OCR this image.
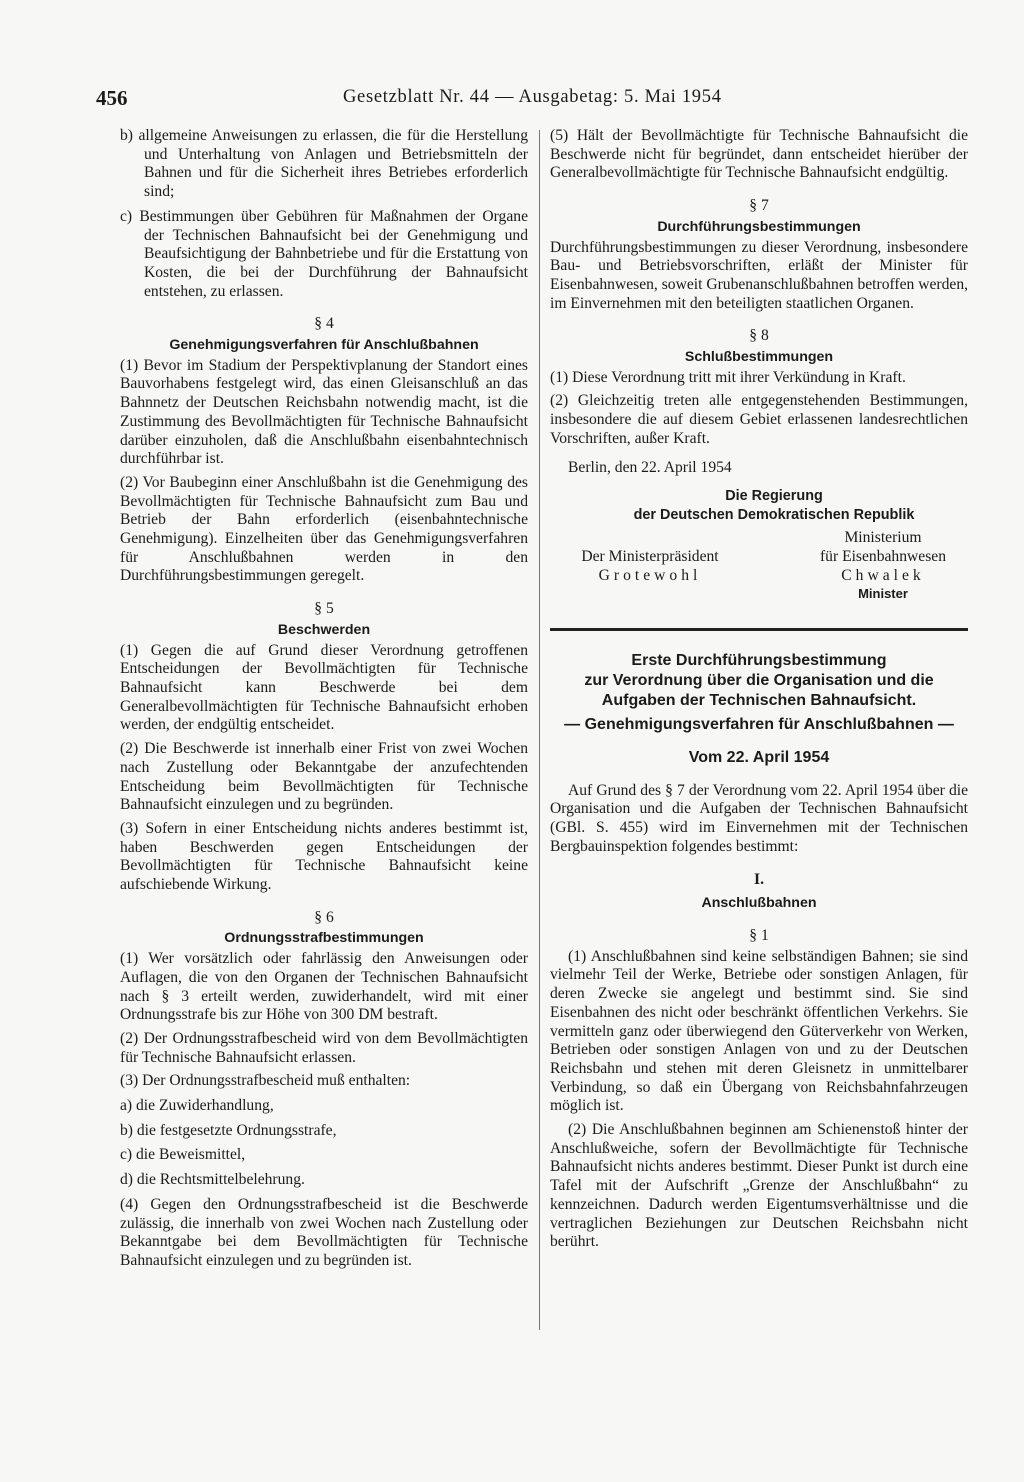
456	Gesetzblatt Nr. 44 — Ausgabetag: 5. Mai 1954

b) allgemeine Anweisungen zu erlassen, die für die Herstellung und Unterhaltung von Anlagen und Betriebsmitteln der Bahnen und für die Sicherheit ihres Betriebes erforderlich sind;

c) Bestimmungen über Gebühren für Maßnahmen der Organe der Technischen Bahnaufsicht bei der Genehmigung und Beaufsichtigung der Bahnbetriebe und für die Erstattung von Kosten, die bei der Durchführung der Bahnaufsicht entstehen, zu erlassen.

§ 4

Genehmigungsverfahren für Anschlußbahnen

(1) Bevor im Stadium der Perspektivplanung der Standort eines Bauvorhabens festgelegt wird, das einen Gleisanschluß an das Bahnnetz der Deutschen Reichsbahn notwendig macht, ist die Zustimmung des Bevollmächtigten für Technische Bahnaufsicht darüber einzuholen, daß die Anschlußbahn eisenbahntechnisch durchführbar ist.

(2) Vor Baubeginn einer Anschlußbahn ist die Genehmigung des Bevollmächtigten für Technische Bahnaufsicht zum Bau und Betrieb der Bahn erforderlich (eisenbahntechnische Genehmigung). Einzelheiten über das Genehmigungsverfahren für Anschlußbahnen werden in den Durchführungsbestimmungen geregelt.

§ 5

Beschwerden

(1) Gegen die auf Grund dieser Verordnung getroffenen Entscheidungen der Bevollmächtigten für Technische Bahnaufsicht kann Beschwerde bei dem Generalbevollmächtigten für Technische Bahnaufsicht erhoben werden, der endgültig entscheidet.

(2) Die Beschwerde ist innerhalb einer Frist von zwei Wochen nach Zustellung oder Bekanntgabe der anzufechtenden Entscheidung beim Bevollmächtigten für Technische Bahnaufsicht einzulegen und zu begründen.

(3) Sofern in einer Entscheidung nichts anderes bestimmt ist, haben Beschwerden gegen Entscheidungen der Bevollmächtigten für Technische Bahnaufsicht keine aufschiebende Wirkung.

§ 6

Ordnungsstrafbestimmungen

(1) Wer vorsätzlich oder fahrlässig den Anweisungen oder Auflagen, die von den Organen der Technischen Bahnaufsicht nach § 3 erteilt werden, zuwiderhandelt, wird mit einer Ordnungsstrafe bis zur Höhe von 300 DM bestraft.

(2) Der Ordnungsstrafbescheid wird von dem Bevollmächtigten für Technische Bahnaufsicht erlassen.

(3) Der Ordnungsstrafbescheid muß enthalten:

a) die Zuwiderhandlung,

b) die festgesetzte Ordnungsstrafe,

c) die Beweismittel,

d) die Rechtsmittelbelehrung.

(4) Gegen den Ordnungsstrafbescheid ist die Beschwerde zulässig, die innerhalb von zwei Wochen nach Zustellung oder Bekanntgabe bei dem Bevollmächtigten für Technische Bahnaufsicht einzulegen und zu begründen ist.

(5) Hält der Bevollmächtigte für Technische Bahnaufsicht die Beschwerde nicht für begründet, dann entscheidet hierüber der Generalbevollmächtigte für Technische Bahnaufsicht endgültig.

§ 7

Durchführungsbestimmungen

Durchführungsbestimmungen zu dieser Verordnung, insbesondere Bau- und Betriebsvorschriften, erläßt der Minister für Eisenbahnwesen, soweit Grubenanschlußbahnen betroffen werden, im Einvernehmen mit den beteiligten staatlichen Organen.

§ 8

Schlußbestimmungen

(1) Diese Verordnung tritt mit ihrer Verkündung in Kraft.

(2) Gleichzeitig treten alle entgegenstehenden Bestimmungen, insbesondere die auf diesem Gebiet erlassenen landesrechtlichen Vorschriften, außer Kraft.

Berlin, den 22. April 1954

Die Regierung
der Deutschen Demokratischen Republik
Der Ministerpräsident
Grotewohl
Ministerium
für Eisenbahnwesen
Chwalek
Minister
Erste Durchführungsbestimmung
zur Verordnung über die Organisation und die
Aufgaben der Technischen Bahnaufsicht.
— Genehmigungsverfahren für Anschlußbahnen —
Vom 22. April 1954

Auf Grund des § 7 der Verordnung vom 22. April 1954 über die Organisation und die Aufgaben der Technischen Bahnaufsicht (GBl. S. 455) wird im Einvernehmen mit der Technischen Bergbauinspektion folgendes bestimmt:

I.

Anschlußbahnen

§ 1

(1) Anschlußbahnen sind keine selbständigen Bahnen; sie sind vielmehr Teil der Werke, Betriebe oder sonstigen Anlagen, für deren Zwecke sie angelegt und bestimmt sind. Sie sind Eisenbahnen des nicht oder beschränkt öffentlichen Verkehrs. Sie vermitteln ganz oder überwiegend den Güterverkehr von Werken, Betrieben oder sonstigen Anlagen von und zu der Deutschen Reichsbahn und stehen mit deren Gleisnetz in unmittelbarer Verbindung, so daß ein Übergang von Reichsbahnfahrzeugen möglich ist.

(2) Die Anschlußbahnen beginnen am Schienenstoß hinter der Anschlußweiche, sofern der Bevollmächtigte für Technische Bahnaufsicht nichts anderes bestimmt. Dieser Punkt ist durch eine Tafel mit der Aufschrift „Grenze der Anschlußbahn“ zu kennzeichnen. Dadurch werden Eigentumsverhältnisse und die vertraglichen Beziehungen zur Deutschen Reichsbahn nicht berührt.
